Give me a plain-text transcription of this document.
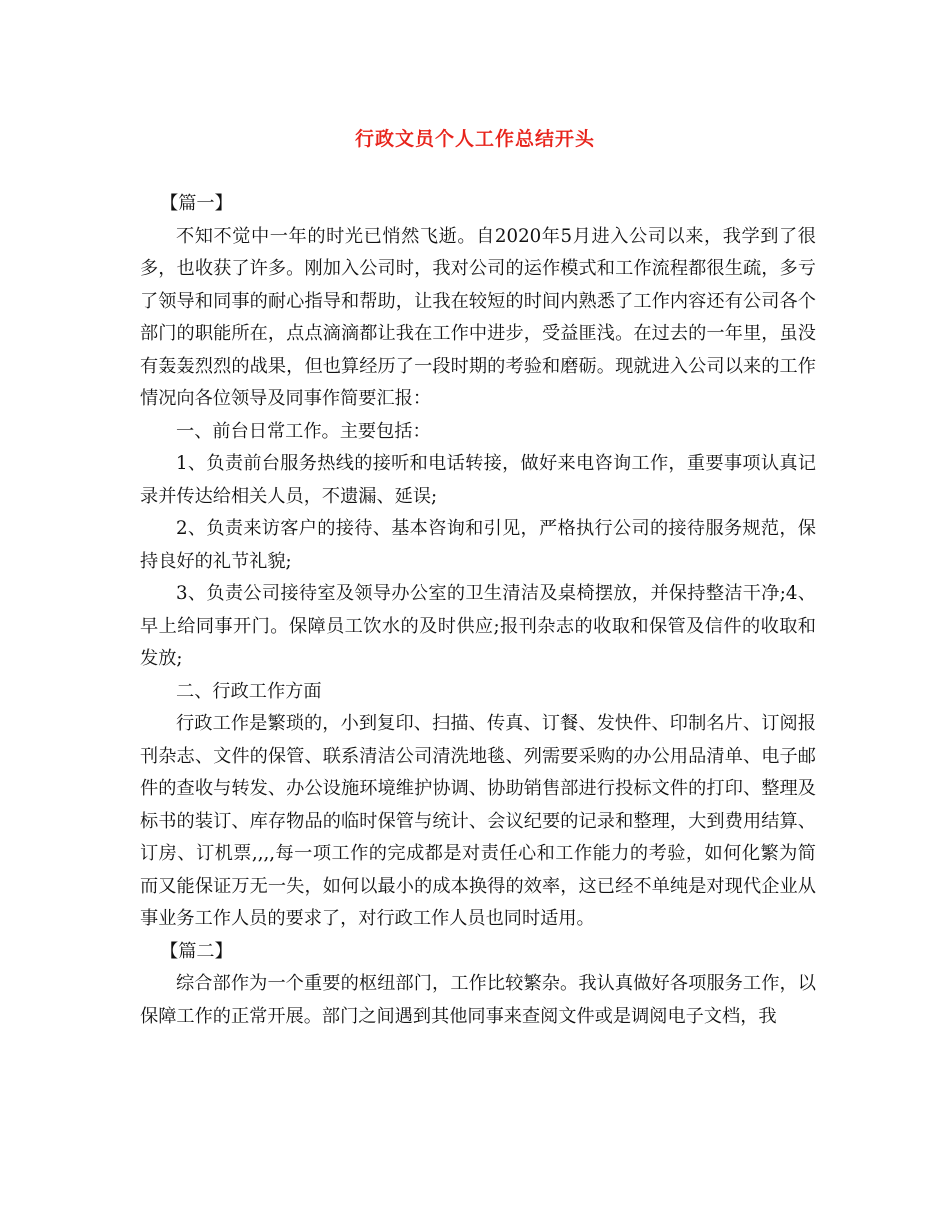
行政文员个人工作总结开头

【篇一】

不知不觉中一年的时光已悄然飞逝。自2020年5月进入公司以来，我学到了很多，也收获了许多。刚加入公司时，我对公司的运作模式和工作流程都很生疏，多亏了领导和同事的耐心指导和帮助，让我在较短的时间内熟悉了工作内容还有公司各个部门的职能所在，点点滴滴都让我在工作中进步，受益匪浅。在过去的一年里，虽没有轰轰烈烈的战果，但也算经历了一段时期的考验和磨砺。现就进入公司以来的工作情况向各位领导及同事作简要汇报：

一、前台日常工作。主要包括：

1、负责前台服务热线的接听和电话转接，做好来电咨询工作，重要事项认真记录并传达给相关人员，不遗漏、延误;

2、负责来访客户的接待、基本咨询和引见，严格执行公司的接待服务规范，保持良好的礼节礼貌;

3、负责公司接待室及领导办公室的卫生清洁及桌椅摆放，并保持整洁干净;4、早上给同事开门。保障员工饮水的及时供应;报刊杂志的收取和保管及信件的收取和发放;

二、行政工作方面

行政工作是繁琐的，小到复印、扫描、传真、订餐、发快件、印制名片、订阅报刊杂志、文件的保管、联系清洁公司清洗地毯、列需要采购的办公用品清单、电子邮件的查收与转发、办公设施环境维护协调、协助销售部进行投标文件的打印、整理及标书的装订、库存物品的临时保管与统计、会议纪要的记录和整理，大到费用结算、订房、订机票,,,,每一项工作的完成都是对责任心和工作能力的考验，如何化繁为简而又能保证万无一失，如何以最小的成本换得的效率，这已经不单纯是对现代企业从事业务工作人员的要求了，对行政工作人员也同时适用。

【篇二】

综合部作为一个重要的枢纽部门，工作比较繁杂。我认真做好各项服务工作，以保障工作的正常开展。部门之间遇到其他同事来查阅文件或是调阅电子文档，我
